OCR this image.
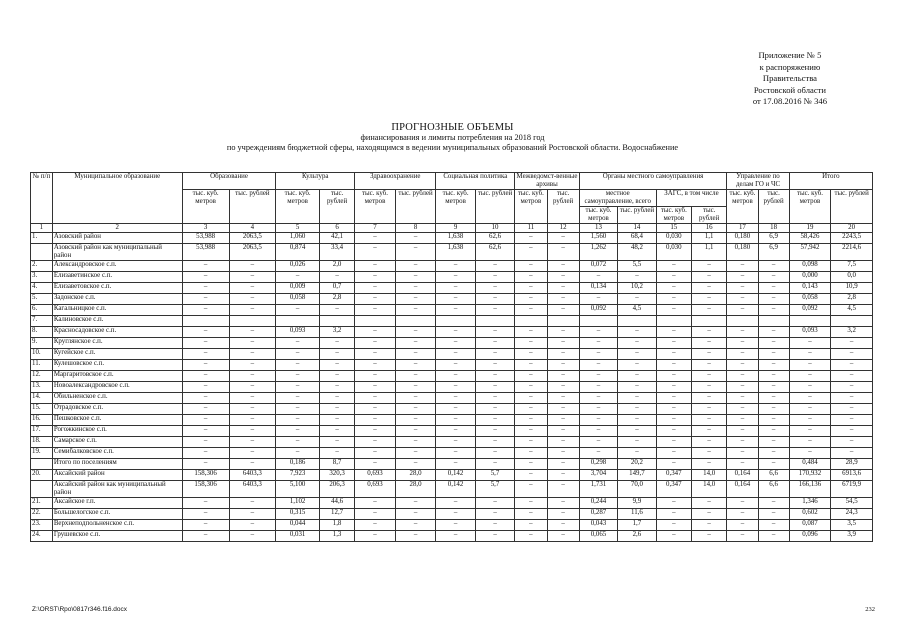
Приложение № 5
к распоряжению
Правительства
Ростовской области
от 17.08.2016 № 346
ПРОГНОЗНЫЕ ОБЪЕМЫ
финансирования и лимиты потребления на 2018 год
по учреждениям бюджетной сферы, находящимся в ведении муниципальных образований Ростовской области. Водоснабжение
№ п/п	Муниципальное образование	Образование		Культура		Здравоохранение		Социальная политика		Межведомст-венные архивы		Органы местного самоуправления				Управление по делам ГО и ЧС		Итого	
		тыс. куб. метров	тыс. рублей	тыс. куб. метров	тыс. рублей	тыс. куб. метров	тыс. рублей	тыс. куб. метров	тыс. рублей	тыс. куб. метров	тыс. рублей	местное самоуправление, всего		ЗАГС, в том числе		тыс. куб. метров	тыс. рублей	тыс. куб. метров	тыс. рублей
												тыс. куб. метров	тыс. рублей	тыс. куб. метров	тыс. рублей				
1	2	3	4	5	6	7	8	9	10	11	12	13	14	15	16	17	18	19	20
1.	Азовский район	53,988	2063,5	1,060	42,1	–	–	1,638	62,6	–	–	1,560	68,4	0,030	1,1	0,180	6,9	58,426	2243,5
	Азовский район как муниципальный район	53,988	2063,5	0,874	33,4	–	–	1,638	62,6	–	–	1,262	48,2	0,030	1,1	0,180	6,9	57,942	2214,6
2.	Александровское с.п.	–	–	0,026	2,0	–	–	–	–	–	–	0,072	5,5	–	–	–	–	0,098	7,5
3.	Елизаветинское с.п.	–	–	–	–	–	–	–	–	–	–	–	–	–	–	–	–	0,000	0,0
4.	Елизаветовское с.п.	–	–	0,009	0,7	–	–	–	–	–	–	0,134	10,2	–	–	–	–	0,143	10,9
5.	Задонское с.п.	–	–	0,058	2,8	–	–	–	–	–	–	–	–	–	–	–	–	0,058	2,8
6.	Кагальницкое с.п.	–	–	–	–	–	–	–	–	–	–	0,092	4,5	–	–	–	–	0,092	4,5
7.	Калиновское с.п.																		
8.	Красносадовское с.п.	–	–	0,093	3,2	–	–	–	–	–	–	–	–	–	–	–	–	0,093	3,2
9.	Круглянское с.п.	–	–	–	–	–	–	–	–	–	–	–	–	–	–	–	–	–	–
10.	Кугейское с.п.	–	–	–	–	–	–	–	–	–	–	–	–	–	–	–	–	–	–
11.	Кулешовское с.п.	–	–	–	–	–	–	–	–	–	–	–	–	–	–	–	–	–	–
12.	Маргаритовское с.п.	–	–	–	–	–	–	–	–	–	–	–	–	–	–	–	–	–	–
13.	Новоалександровское с.п.	–	–	–	–	–	–	–	–	–	–	–	–	–	–	–	–	–	–
14.	Обильненское с.п.	–	–	–	–	–	–	–	–	–	–	–	–	–	–	–	–	–	–
15.	Отрадовское с.п.	–	–	–	–	–	–	–	–	–	–	–	–	–	–	–	–	–	–
16.	Пешковское с.п.	–	–	–	–	–	–	–	–	–	–	–	–	–	–	–	–	–	–
17.	Рогожкинское с.п.	–	–	–	–	–	–	–	–	–	–	–	–	–	–	–	–	–	–
18.	Самарское с.п.	–	–	–	–	–	–	–	–	–	–	–	–	–	–	–	–	–	–
19.	Семибалковское с.п.	–	–	–	–	–	–	–	–	–	–	–	–	–	–	–	–	–	–
	Итого по поселениям	–	–	0,186	8,7	–	–	–	–	–	–	0,298	20,2	–	–	–	–	0,484	28,9
20.	Аксайский район	158,306	6403,3	7,923	320,3	0,693	28,0	0,142	5,7	–	–	3,704	149,7	0,347	14,0	0,164	6,6	170,932	6913,6
	Аксайский район как муниципальный район	158,306	6403,3	5,100	206,3	0,693	28,0	0,142	5,7	–	–	1,731	70,0	0,347	14,0	0,164	6,6	166,136	6719,9
21.	Аксайское г.п.	–	–	1,102	44,6	–	–	–	–	–	–	0,244	9,9	–	–	–	–	1,346	54,5
22.	Большелогское с.п.	–	–	0,315	12,7	–	–	–	–	–	–	0,287	11,6	–	–	–	–	0,602	24,3
23.	Верхнеподпольненское с.п.	–	–	0,044	1,8	–	–	–	–	–	–	0,043	1,7	–	–	–	–	0,087	3,5
24.	Грушевское с.п.	–	–	0,031	1,3	–	–	–	–	–	–	0,065	2,6	–	–	–	–	0,096	3,9
Z:\ORST\Rpo\0817r346.f16.docx	232
